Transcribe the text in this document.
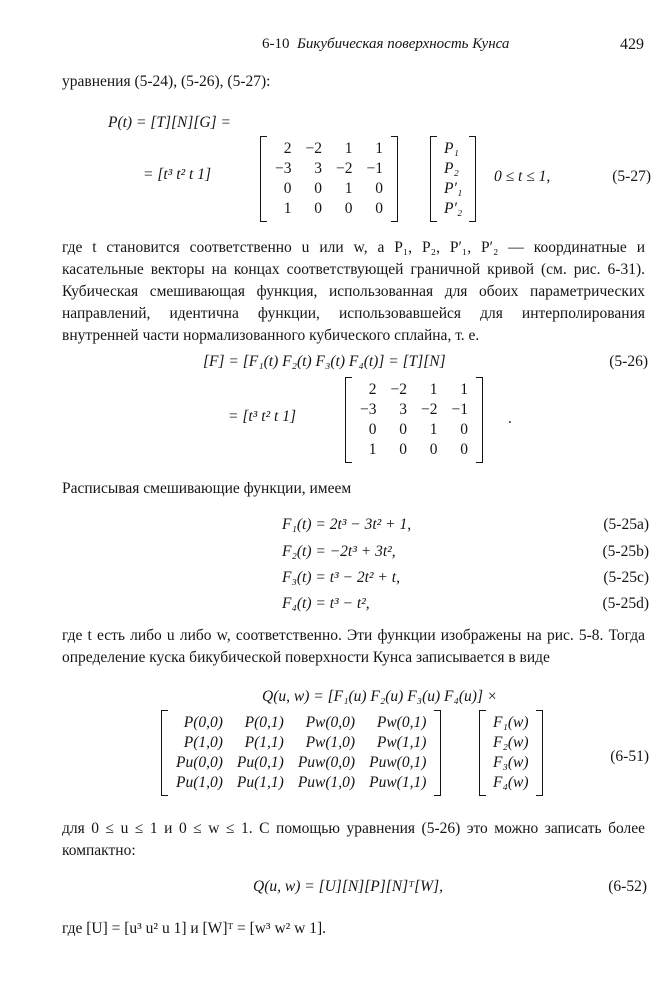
6-10 Бикубическая поверхность Кунса	429
уравнения (5-24), (5-26), (5-27):
P(t) = [T][N][G] =
= [t³ t² t 1]
2	−2	1	1
−3	3	−2	−1
0	0	1	0
1	0	0	0
P₁
P₂
P′₁
P′₂
0 ≤ t ≤ 1,	(5-27)
где t становится соответственно u или w, а P₁, P₂, P′₁, P′₂ — координатные и касательные векторы на концах соответствующей граничной кривой (см. рис. 6-31). Кубическая смешивающая функция, использованная для обоих параметрических направлений, идентична функции, использовавшейся для интерполирования внутренней части нормализованного кубического сплайна, т. е.
[F] = [F₁(t) F₂(t) F₃(t) F₄(t)] = [T][N]	(5-26)
= [t³ t² t 1]
2	−2	1	1
−3	3	−2	−1
0	0	1	0
1	0	0	0
.
Расписывая смешивающие функции, имеем
F₁(t) = 2t³ − 3t² + 1,	(5-25a)
F₂(t) = −2t³ + 3t²,	(5-25b)
F₃(t) = t³ − 2t² + t,	(5-25c)
F₄(t) = t³ − t²,	(5-25d)
где t есть либо u либо w, соответственно. Эти функции изображены на рис. 5-8. Тогда определение куска бикубической поверхности Кунса записывается в виде
Q(u, w) = [F₁(u) F₂(u) F₃(u) F₄(u)] ×
P(0,0)	P(0,1)	Pw(0,0)	Pw(0,1)
P(1,0)	P(1,1)	Pw(1,0)	Pw(1,1)
Pu(0,0)	Pu(0,1)	Puw(0,0)	Puw(0,1)
Pu(1,0)	Pu(1,1)	Puw(1,0)	Puw(1,1)
F₁(w)
F₂(w)
F₃(w)
F₄(w)
(6-51)
для 0 ≤ u ≤ 1 и 0 ≤ w ≤ 1. С помощью уравнения (5-26) это можно записать более компактно:
Q(u, w) = [U][N][P][N]ᵀ[W],	(6-52)
где [U] = [u³ u² u 1] и [W]ᵀ = [w³ w² w 1].
